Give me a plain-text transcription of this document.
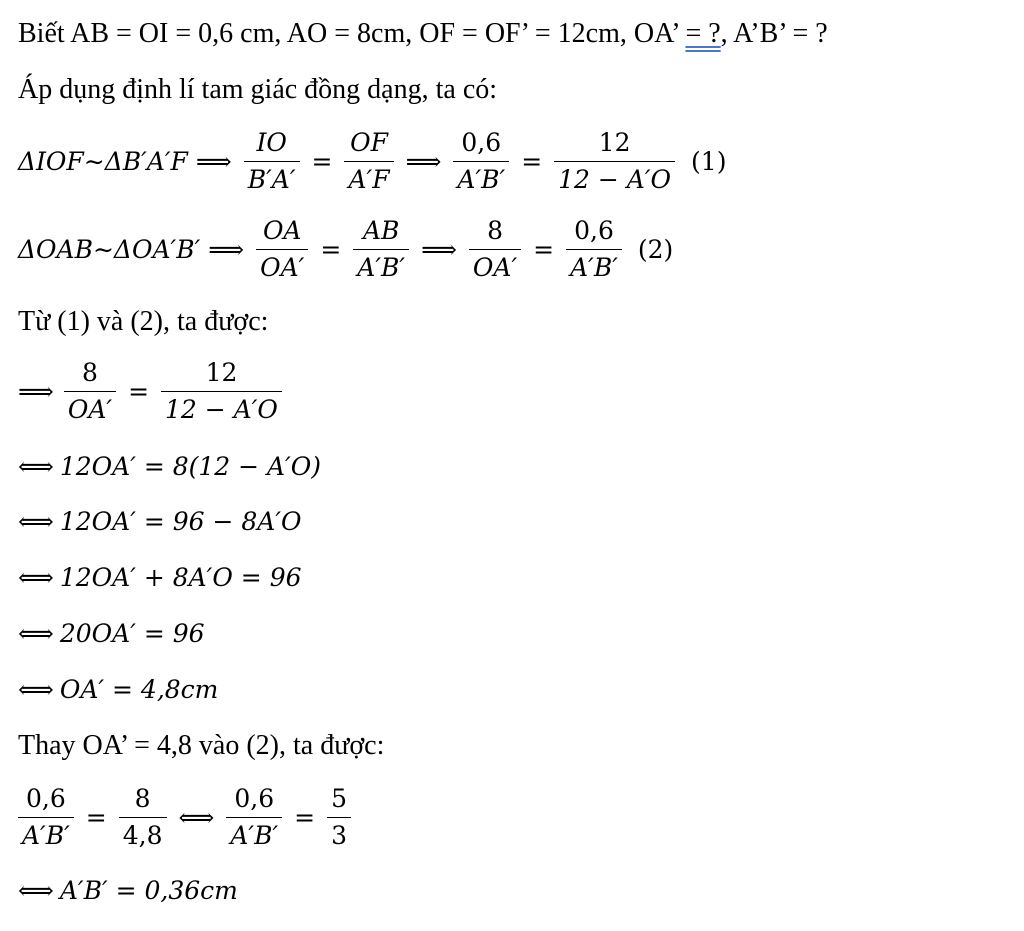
Biết AB = OI = 0,6 cm, AO = 8cm, OF = OF’ = 12cm, OA’ = ?, A’B’ = ?
Áp dụng định lí tam giác đồng dạng, ta có:
ΔIOF∼ΔB′A′F ⟹ $\frac{IO}{B'A'} = \frac{OF}{A'F}$ ⟹ $\frac{0,6}{A'B'} = \frac{12}{12 - A'O} (1)$
ΔOAB∼ΔOA′B′ ⟹ $\frac{OA}{OA'} = \frac{AB}{A'B'}$ ⟹ $\frac{8}{OA'} = \frac{0,6}{A'B'} (2)$
Từ (1) và (2), ta được:
⟹ $\frac{8}{OA'} = \frac{12}{12 - A'O}$
⟺ 12OA′ = 8(12 − A′O)
⟺ 12OA′ = 96 − 8A′O
⟺ 12OA′ + 8A′O = 96
⟺ 20OA′ = 96
⟺ OA′ = 4,8cm
Thay OA’ = 4,8 vào (2), ta được:
$\frac{0,6}{A'B'} = \frac{8}{4,8}$ ⟺ $\frac{0,6}{A'B'} = \frac{5}{3}$
⟺ A′B′ = 0,36cm
